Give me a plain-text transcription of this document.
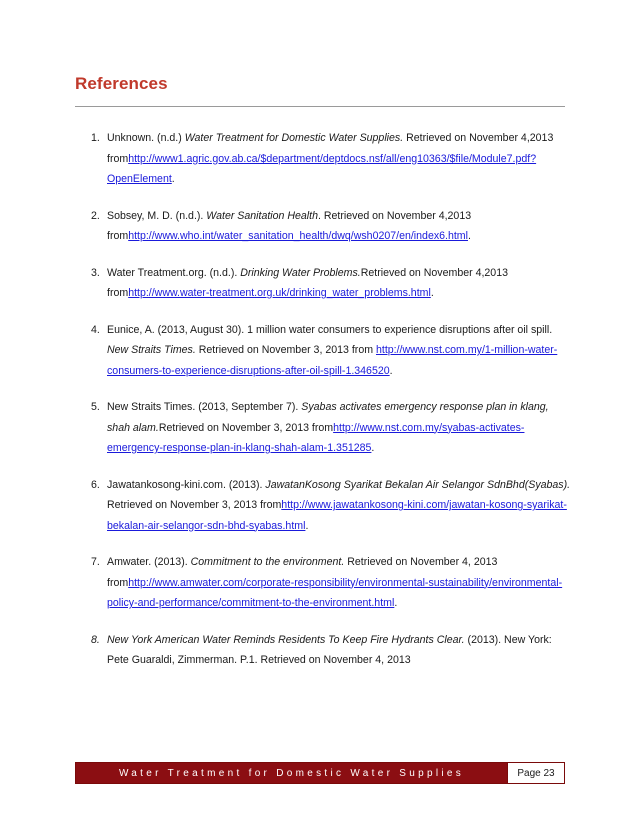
References
1. Unknown. (n.d.) Water Treatment for Domestic Water Supplies. Retrieved on November 4,2013 fromhttp://www1.agric.gov.ab.ca/$department/deptdocs.nsf/all/eng10363/$file/Module7.pdf?OpenElement.
2. Sobsey, M. D. (n.d.). Water Sanitation Health. Retrieved on November 4,2013 fromhttp://www.who.int/water_sanitation_health/dwq/wsh0207/en/index6.html.
3. Water Treatment.org. (n.d.). Drinking Water Problems.Retrieved on November 4,2013 fromhttp://www.water-treatment.org.uk/drinking_water_problems.html.
4. Eunice, A. (2013, August 30). 1 million water consumers to experience disruptions after oil spill. New Straits Times. Retrieved on November 3, 2013 from http://www.nst.com.my/1-million-water-consumers-to-experience-disruptions-after-oil-spill-1.346520.
5. New Straits Times. (2013, September 7). Syabas activates emergency response plan in klang, shah alam.Retrieved on November 3, 2013 fromhttp://www.nst.com.my/syabas-activates-emergency-response-plan-in-klang-shah-alam-1.351285.
6. Jawatankosong-kini.com. (2013). JawatanKosong Syarikat Bekalan Air Selangor SdnBhd(Syabas). Retrieved on November 3, 2013 fromhttp://www.jawatankosong-kini.com/jawatan-kosong-syarikat-bekalan-air-selangor-sdn-bhd-syabas.html.
7. Amwater. (2013). Commitment to the environment. Retrieved on November 4, 2013 fromhttp://www.amwater.com/corporate-responsibility/environmental-sustainability/environmental-policy-and-performance/commitment-to-the-environment.html.
8. New York American Water Reminds Residents To Keep Fire Hydrants Clear. (2013). New York: Pete Guaraldi, Zimmerman. P.1. Retrieved on November 4, 2013
Water Treatment for Domestic Water Supplies	Page 23
